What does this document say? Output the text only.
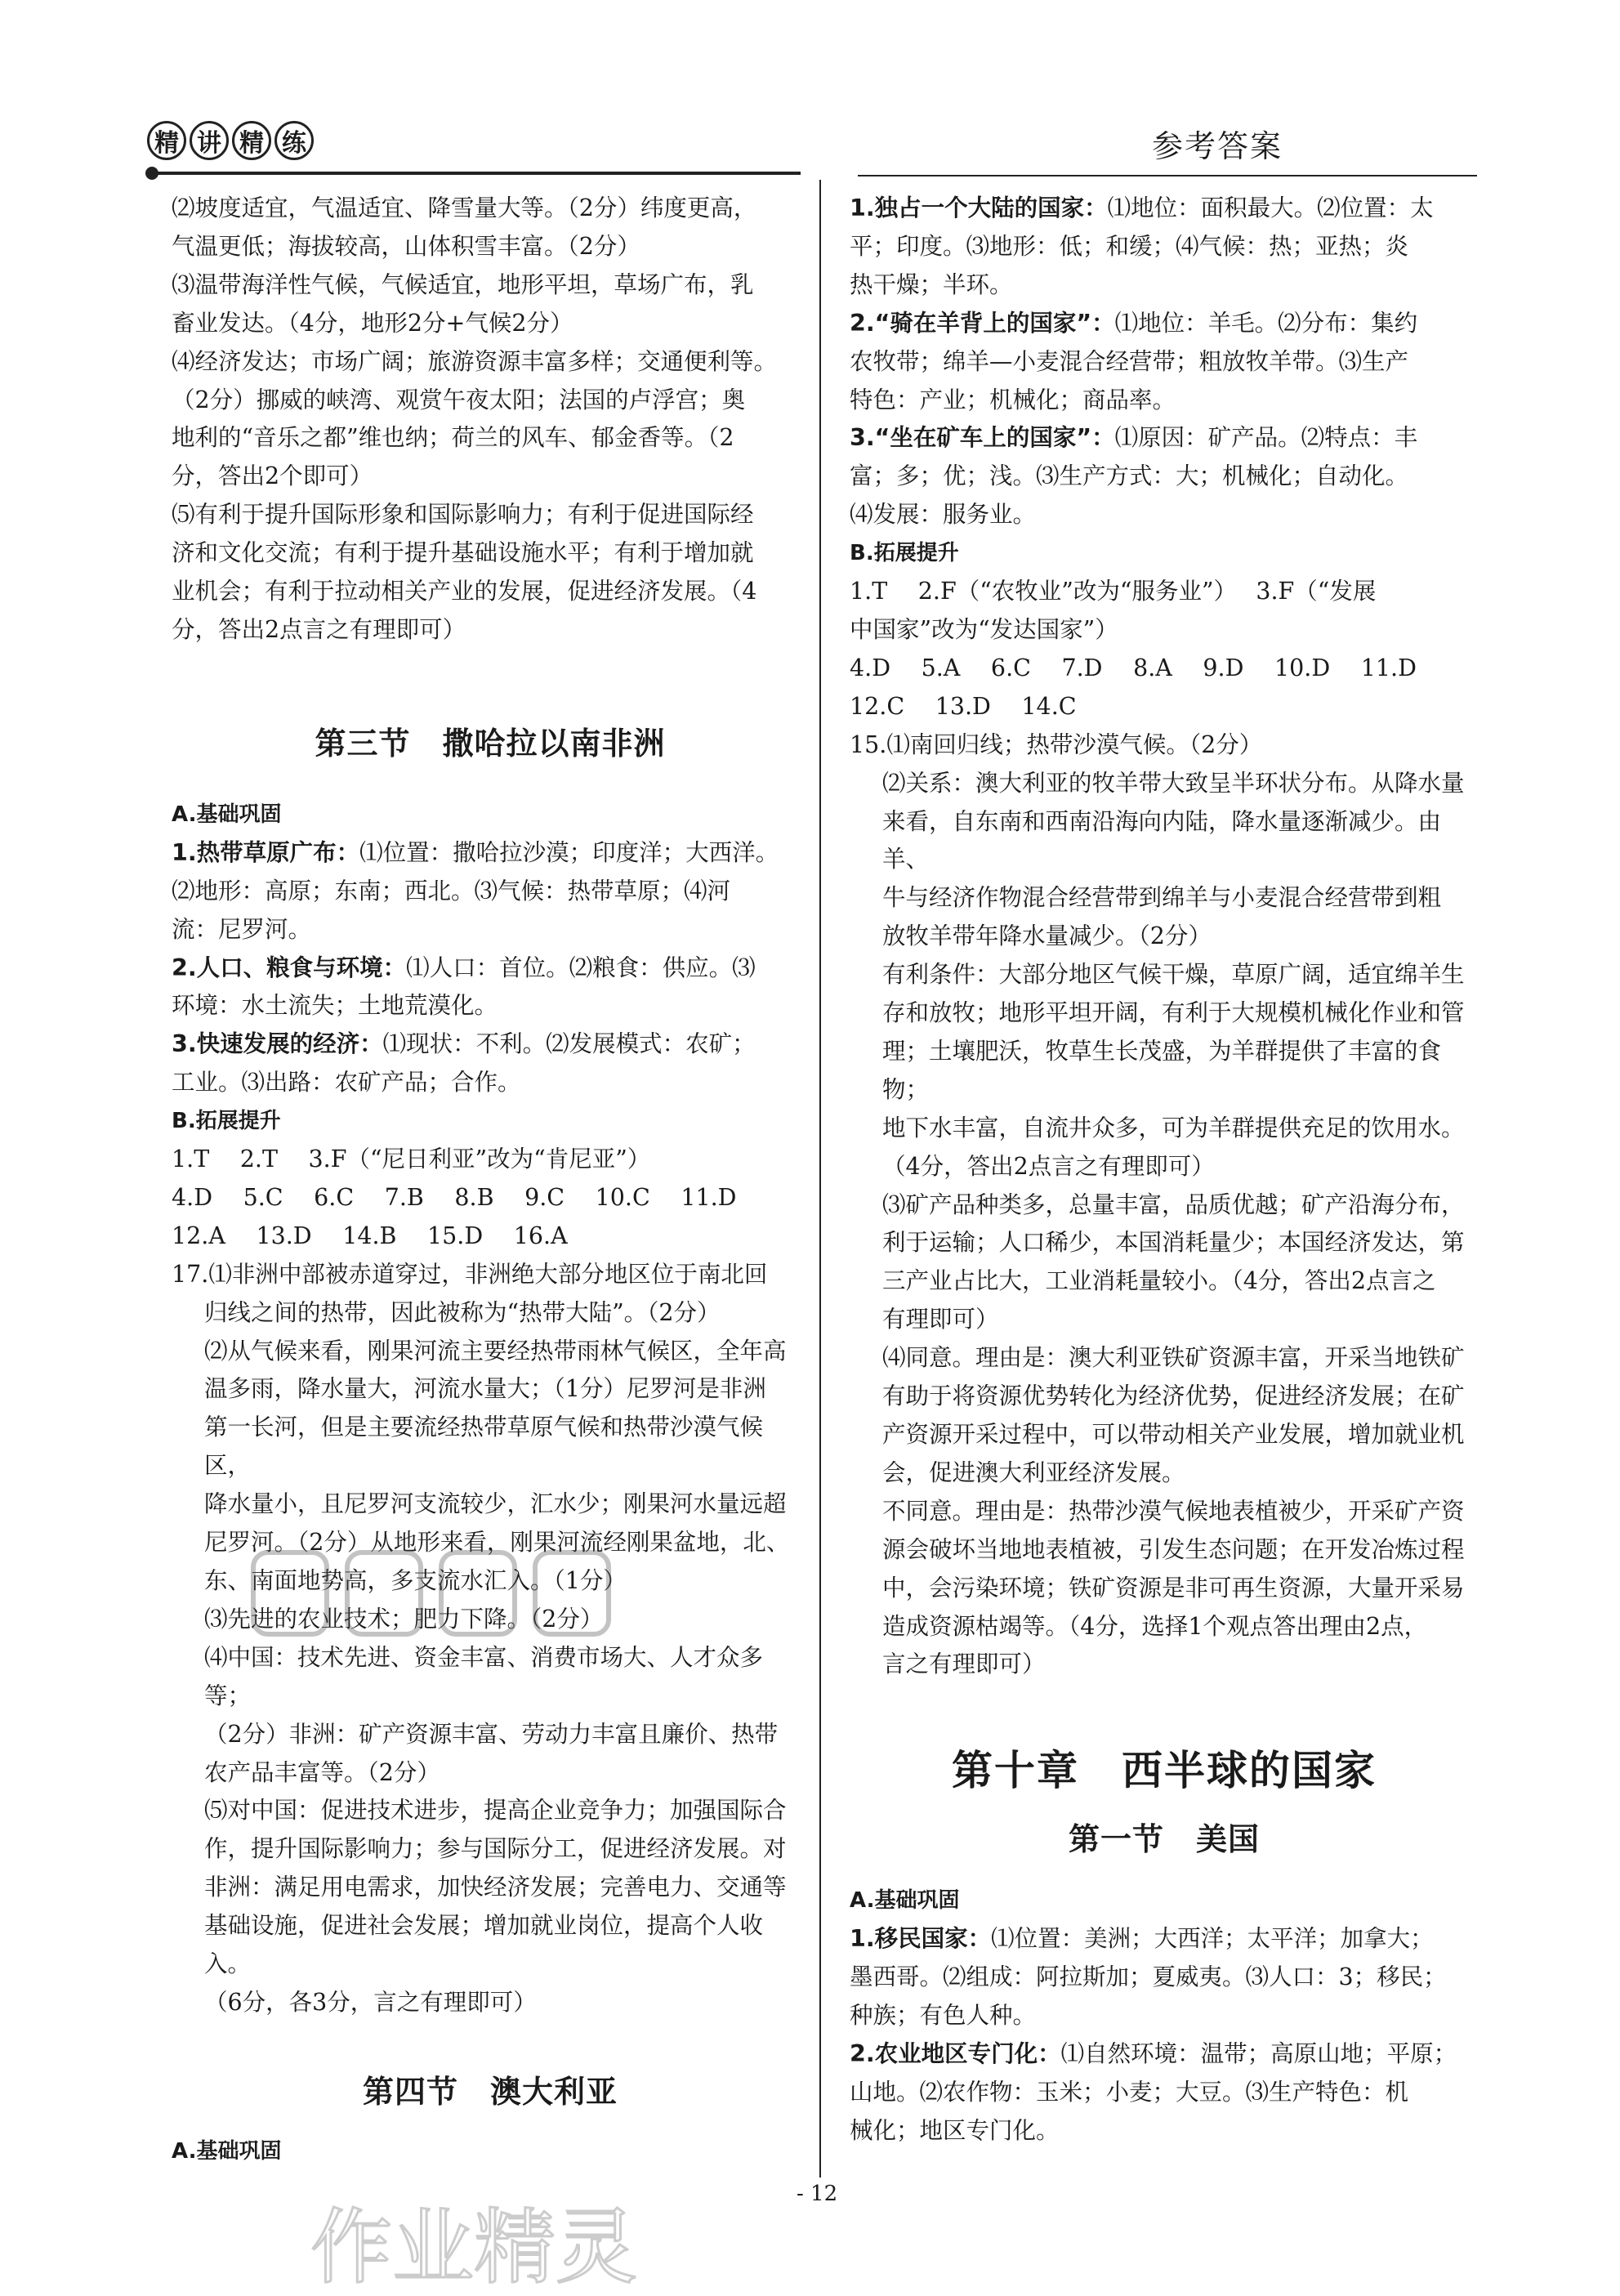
精 讲 精 练	参考答案

⑵坡度适宜，气温适宜、降雪量大等。（2分）纬度更高，

气温更低；海拔较高，山体积雪丰富。（2分）

⑶温带海洋性气候，气候适宜，地形平坦，草场广布，乳

畜业发达。（4分，地形2分+气候2分）

⑷经济发达；市场广阔；旅游资源丰富多样；交通便利等。

（2分）挪威的峡湾、观赏午夜太阳；法国的卢浮宫；奥

地利的“音乐之都”维也纳；荷兰的风车、郁金香等。（2

分，答出2个即可）

⑸有利于提升国际形象和国际影响力；有利于促进国际经

济和文化交流；有利于提升基础设施水平；有利于增加就

业机会；有利于拉动相关产业的发展，促进经济发展。（4

分，答出2点言之有理即可）

第三节　撒哈拉以南非洲

A.基础巩固

1.热带草原广布：⑴位置：撒哈拉沙漠；印度洋；大西洋。

⑵地形：高原；东南；西北。⑶气候：热带草原；⑷河

流：尼罗河。

2.人口、粮食与环境：⑴人口：首位。⑵粮食：供应。⑶

环境：水土流失；土地荒漠化。

3.快速发展的经济：⑴现状：不利。⑵发展模式：农矿；

工业。⑶出路：农矿产品；合作。

B.拓展提升

1.T　 2.T　 3.F（“尼日利亚”改为“肯尼亚”）

4.D　 5.C　 6.C　 7.B　 8.B　 9.C　 10.C　 11.D

12.A　 13.D　 14.B　 15.D　 16.A

17.⑴非洲中部被赤道穿过，非洲绝大部分地区位于南北回

归线之间的热带，因此被称为“热带大陆”。（2分）

⑵从气候来看，刚果河流主要经热带雨林气候区，全年高

温多雨，降水量大，河流水量大；（1分）尼罗河是非洲

第一长河，但是主要流经热带草原气候和热带沙漠气候区，

降水量小，且尼罗河支流较少，汇水少；刚果河水量远超

尼罗河。（2分）从地形来看，刚果河流经刚果盆地，北、

东、南面地势高，多支流水汇入。（1分）

⑶先进的农业技术；肥力下降。（2分）

⑷中国：技术先进、资金丰富、消费市场大、人才众多等；

（2分）非洲：矿产资源丰富、劳动力丰富且廉价、热带

农产品丰富等。（2分）

⑸对中国：促进技术进步，提高企业竞争力；加强国际合

作，提升国际影响力；参与国际分工，促进经济发展。对

非洲：满足用电需求，加快经济发展；完善电力、交通等

基础设施，促进社会发展；增加就业岗位，提高个人收入。

（6分，各3分，言之有理即可）

第四节　澳大利亚

A.基础巩固

1.独占一个大陆的国家：⑴地位：面积最大。⑵位置：太

平；印度。⑶地形：低；和缓；⑷气候：热；亚热；炎

热干燥；半环。

2.“骑在羊背上的国家”：⑴地位：羊毛。⑵分布：集约

农牧带；绵羊—小麦混合经营带；粗放牧羊带。⑶生产

特色：产业；机械化；商品率。

3.“坐在矿车上的国家”：⑴原因：矿产品。⑵特点：丰

富；多；优；浅。⑶生产方式：大；机械化；自动化。

⑷发展：服务业。

B.拓展提升

1.T　 2.F（“农牧业”改为“服务业”）　 3.F（“发展

中国家”改为“发达国家”）

4.D　 5.A　 6.C　 7.D　 8.A　 9.D　 10.D　 11.D

12.C　 13.D　 14.C

15.⑴南回归线；热带沙漠气候。（2分）

⑵关系：澳大利亚的牧羊带大致呈半环状分布。从降水量

来看，自东南和西南沿海向内陆，降水量逐渐减少。由羊、

牛与经济作物混合经营带到绵羊与小麦混合经营带到粗

放牧羊带年降水量减少。（2分）

有利条件：大部分地区气候干燥，草原广阔，适宜绵羊生

存和放牧；地形平坦开阔，有利于大规模机械化作业和管

理；土壤肥沃，牧草生长茂盛，为羊群提供了丰富的食物；

地下水丰富，自流井众多，可为羊群提供充足的饮用水。

（4分，答出2点言之有理即可）

⑶矿产品种类多，总量丰富，品质优越；矿产沿海分布，

利于运输；人口稀少，本国消耗量少；本国经济发达，第

三产业占比大，工业消耗量较小。（4分，答出2点言之

有理即可）

⑷同意。理由是：澳大利亚铁矿资源丰富，开采当地铁矿

有助于将资源优势转化为经济优势，促进经济发展；在矿

产资源开采过程中，可以带动相关产业发展，增加就业机

会，促进澳大利亚经济发展。

不同意。理由是：热带沙漠气候地表植被少，开采矿产资

源会破坏当地地表植被，引发生态问题；在开发冶炼过程

中，会污染环境；铁矿资源是非可再生资源，大量开采易

造成资源枯竭等。（4分，选择1个观点答出理由2点，

言之有理即可）

第十章　西半球的国家

第一节　美国

A.基础巩固

1.移民国家：⑴位置：美洲；大西洋；太平洋；加拿大；

墨西哥。⑵组成：阿拉斯加；夏威夷。⑶人口：3；移民；

种族；有色人种。

2.农业地区专门化：⑴自然环境：温带；高原山地；平原；

山地。⑵农作物：玉米；小麦；大豆。⑶生产特色：机

械化；地区专门化。

- 12
作业精灵
